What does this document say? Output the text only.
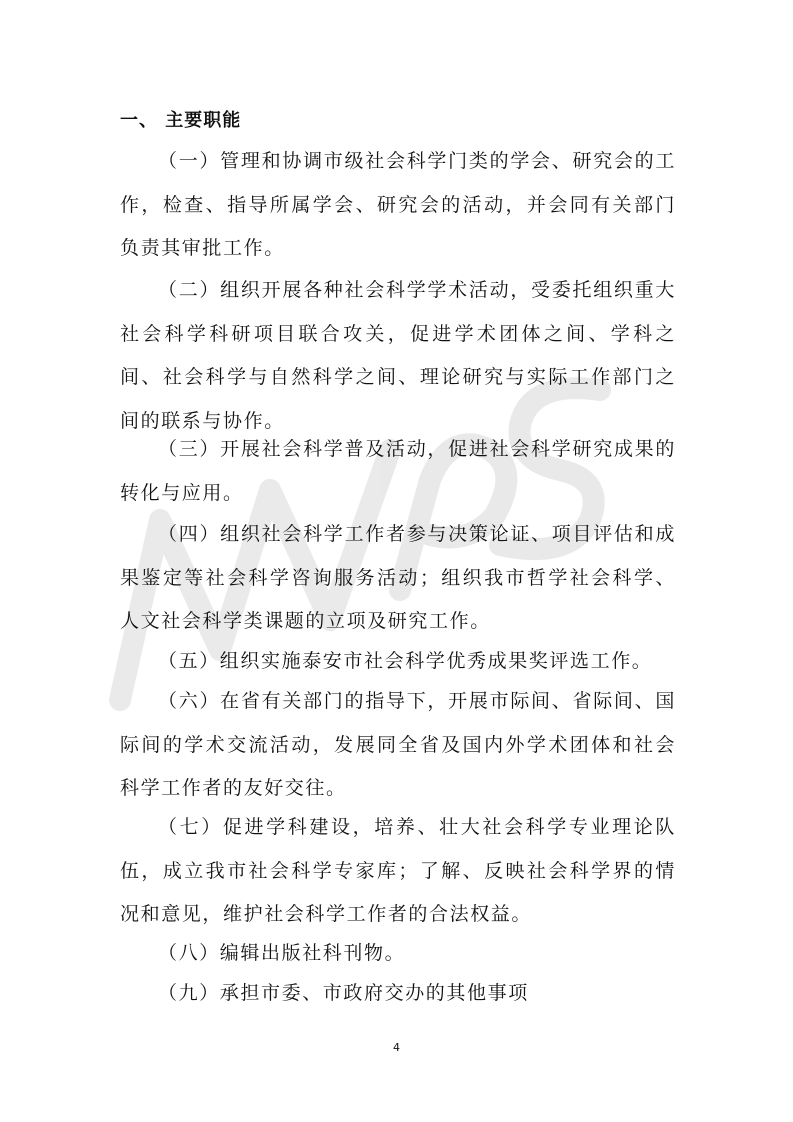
一、 主要职能

（一）管理和协调市级社会科学门类的学会、研究会的工作，检查、指导所属学会、研究会的活动，并会同有关部门负责其审批工作。

（二）组织开展各种社会科学学术活动，受委托组织重大社会科学科研项目联合攻关，促进学术团体之间、学科之间、社会科学与自然科学之间、理论研究与实际工作部门之间的联系与协作。

（三）开展社会科学普及活动，促进社会科学研究成果的转化与应用。

（四）组织社会科学工作者参与决策论证、项目评估和成果鉴定等社会科学咨询服务活动；组织我市哲学社会科学、人文社会科学类课题的立项及研究工作。

（五）组织实施泰安市社会科学优秀成果奖评选工作。

（六）在省有关部门的指导下，开展市际间、省际间、国际间的学术交流活动，发展同全省及国内外学术团体和社会科学工作者的友好交往。

（七）促进学科建设，培养、壮大社会科学专业理论队伍，成立我市社会科学专家库；了解、反映社会科学界的情况和意见，维护社会科学工作者的合法权益。

（八）编辑出版社科刊物。

（九）承担市委、市政府交办的其他事项

4
